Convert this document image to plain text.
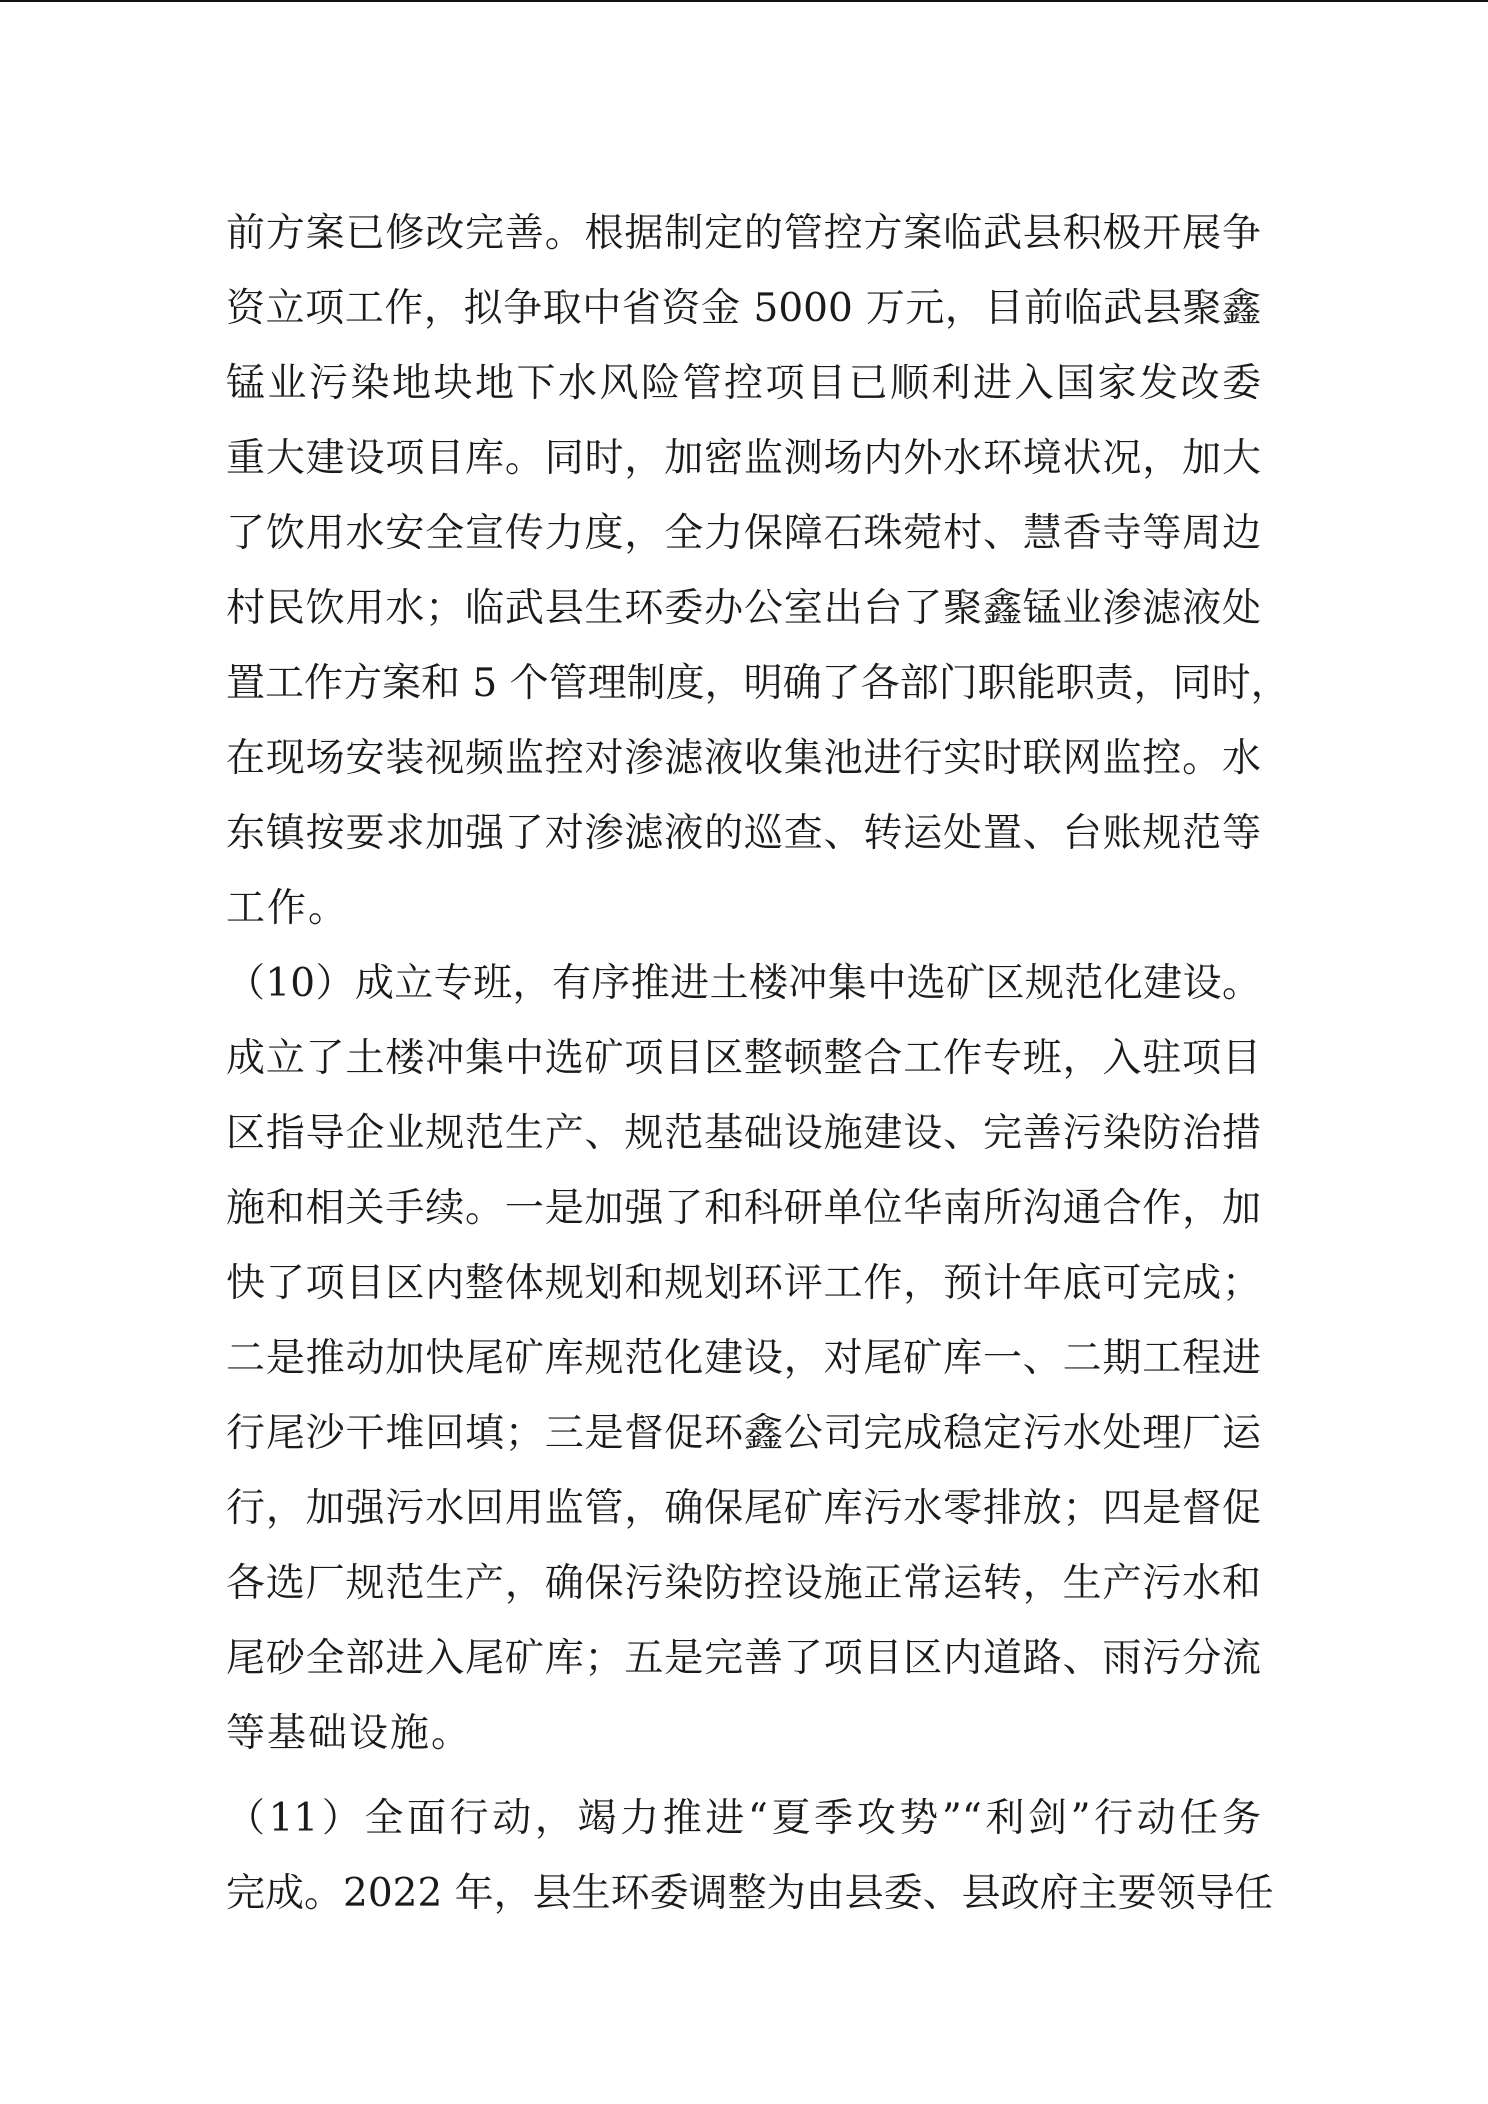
前方案已修改完善。根据制定的管控方案临武县积极开展争
资立项工作，拟争取中省资金 5000 万元，目前临武县聚鑫
锰业污染地块地下水风险管控项目已顺利进入国家发改委
重大建设项目库。同时，加密监测场内外水环境状况，加大
了饮用水安全宣传力度，全力保障石珠菀村、慧香寺等周边
村民饮用水；临武县生环委办公室出台了聚鑫锰业渗滤液处
置工作方案和 5 个管理制度，明确了各部门职能职责，同时，
在现场安装视频监控对渗滤液收集池进行实时联网监控。水
东镇按要求加强了对渗滤液的巡查、转运处置、台账规范等
工作。
（10）成立专班，有序推进土楼冲集中选矿区规范化建设。
成立了土楼冲集中选矿项目区整顿整合工作专班，入驻项目
区指导企业规范生产、规范基础设施建设、完善污染防治措
施和相关手续。一是加强了和科研单位华南所沟通合作，加
快了项目区内整体规划和规划环评工作，预计年底可完成；
二是推动加快尾矿库规范化建设，对尾矿库一、二期工程进
行尾沙干堆回填；三是督促环鑫公司完成稳定污水处理厂运
行，加强污水回用监管，确保尾矿库污水零排放；四是督促
各选厂规范生产，确保污染防控设施正常运转，生产污水和
尾砂全部进入尾矿库；五是完善了项目区内道路、雨污分流
等基础设施。
（11）全面行动，竭力推进“夏季攻势”“利剑”行动任务
完成。2022 年，县生环委调整为由县委、县政府主要领导任
